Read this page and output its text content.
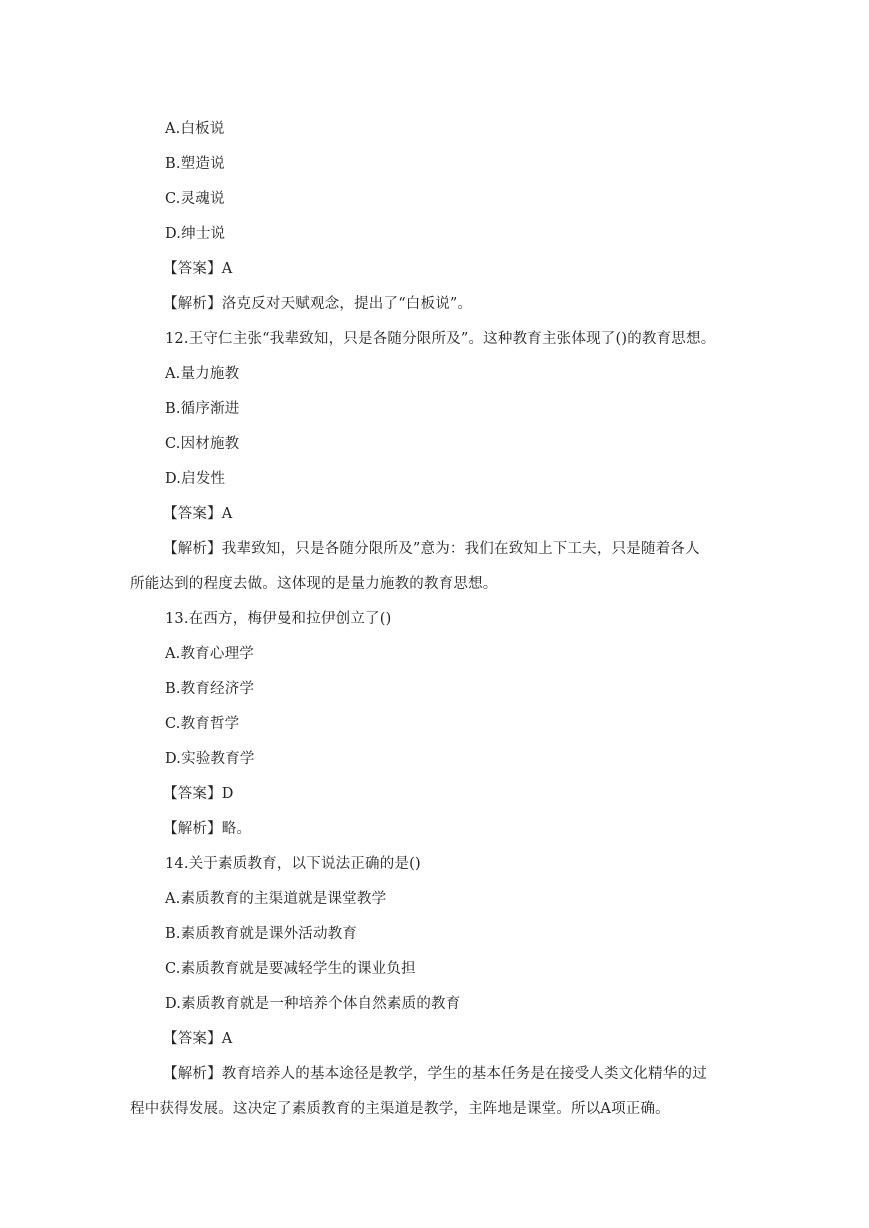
A.白板说
B.塑造说
C.灵魂说
D.绅士说
【答案】A
【解析】洛克反对天赋观念，提出了“白板说”。
12.王守仁主张“我辈致知，只是各随分限所及”。这种教育主张体现了()的教育思想。
A.量力施教
B.循序渐进
C.因材施教
D.启发性
【答案】A
【解析】我辈致知，只是各随分限所及”意为：我们在致知上下工夫，只是随着各人
所能达到的程度去做。这体现的是量力施教的教育思想。
13.在西方，梅伊曼和拉伊创立了()
A.教育心理学
B.教育经济学
C.教育哲学
D.实验教育学
【答案】D
【解析】略。
14.关于素质教育，以下说法正确的是()
A.素质教育的主渠道就是课堂教学
B.素质教育就是课外活动教育
C.素质教育就是要减轻学生的课业负担
D.素质教育就是一种培养个体自然素质的教育
【答案】A
【解析】教育培养人的基本途径是教学，学生的基本任务是在接受人类文化精华的过
程中获得发展。这决定了素质教育的主渠道是教学，主阵地是课堂。所以A项正确。
